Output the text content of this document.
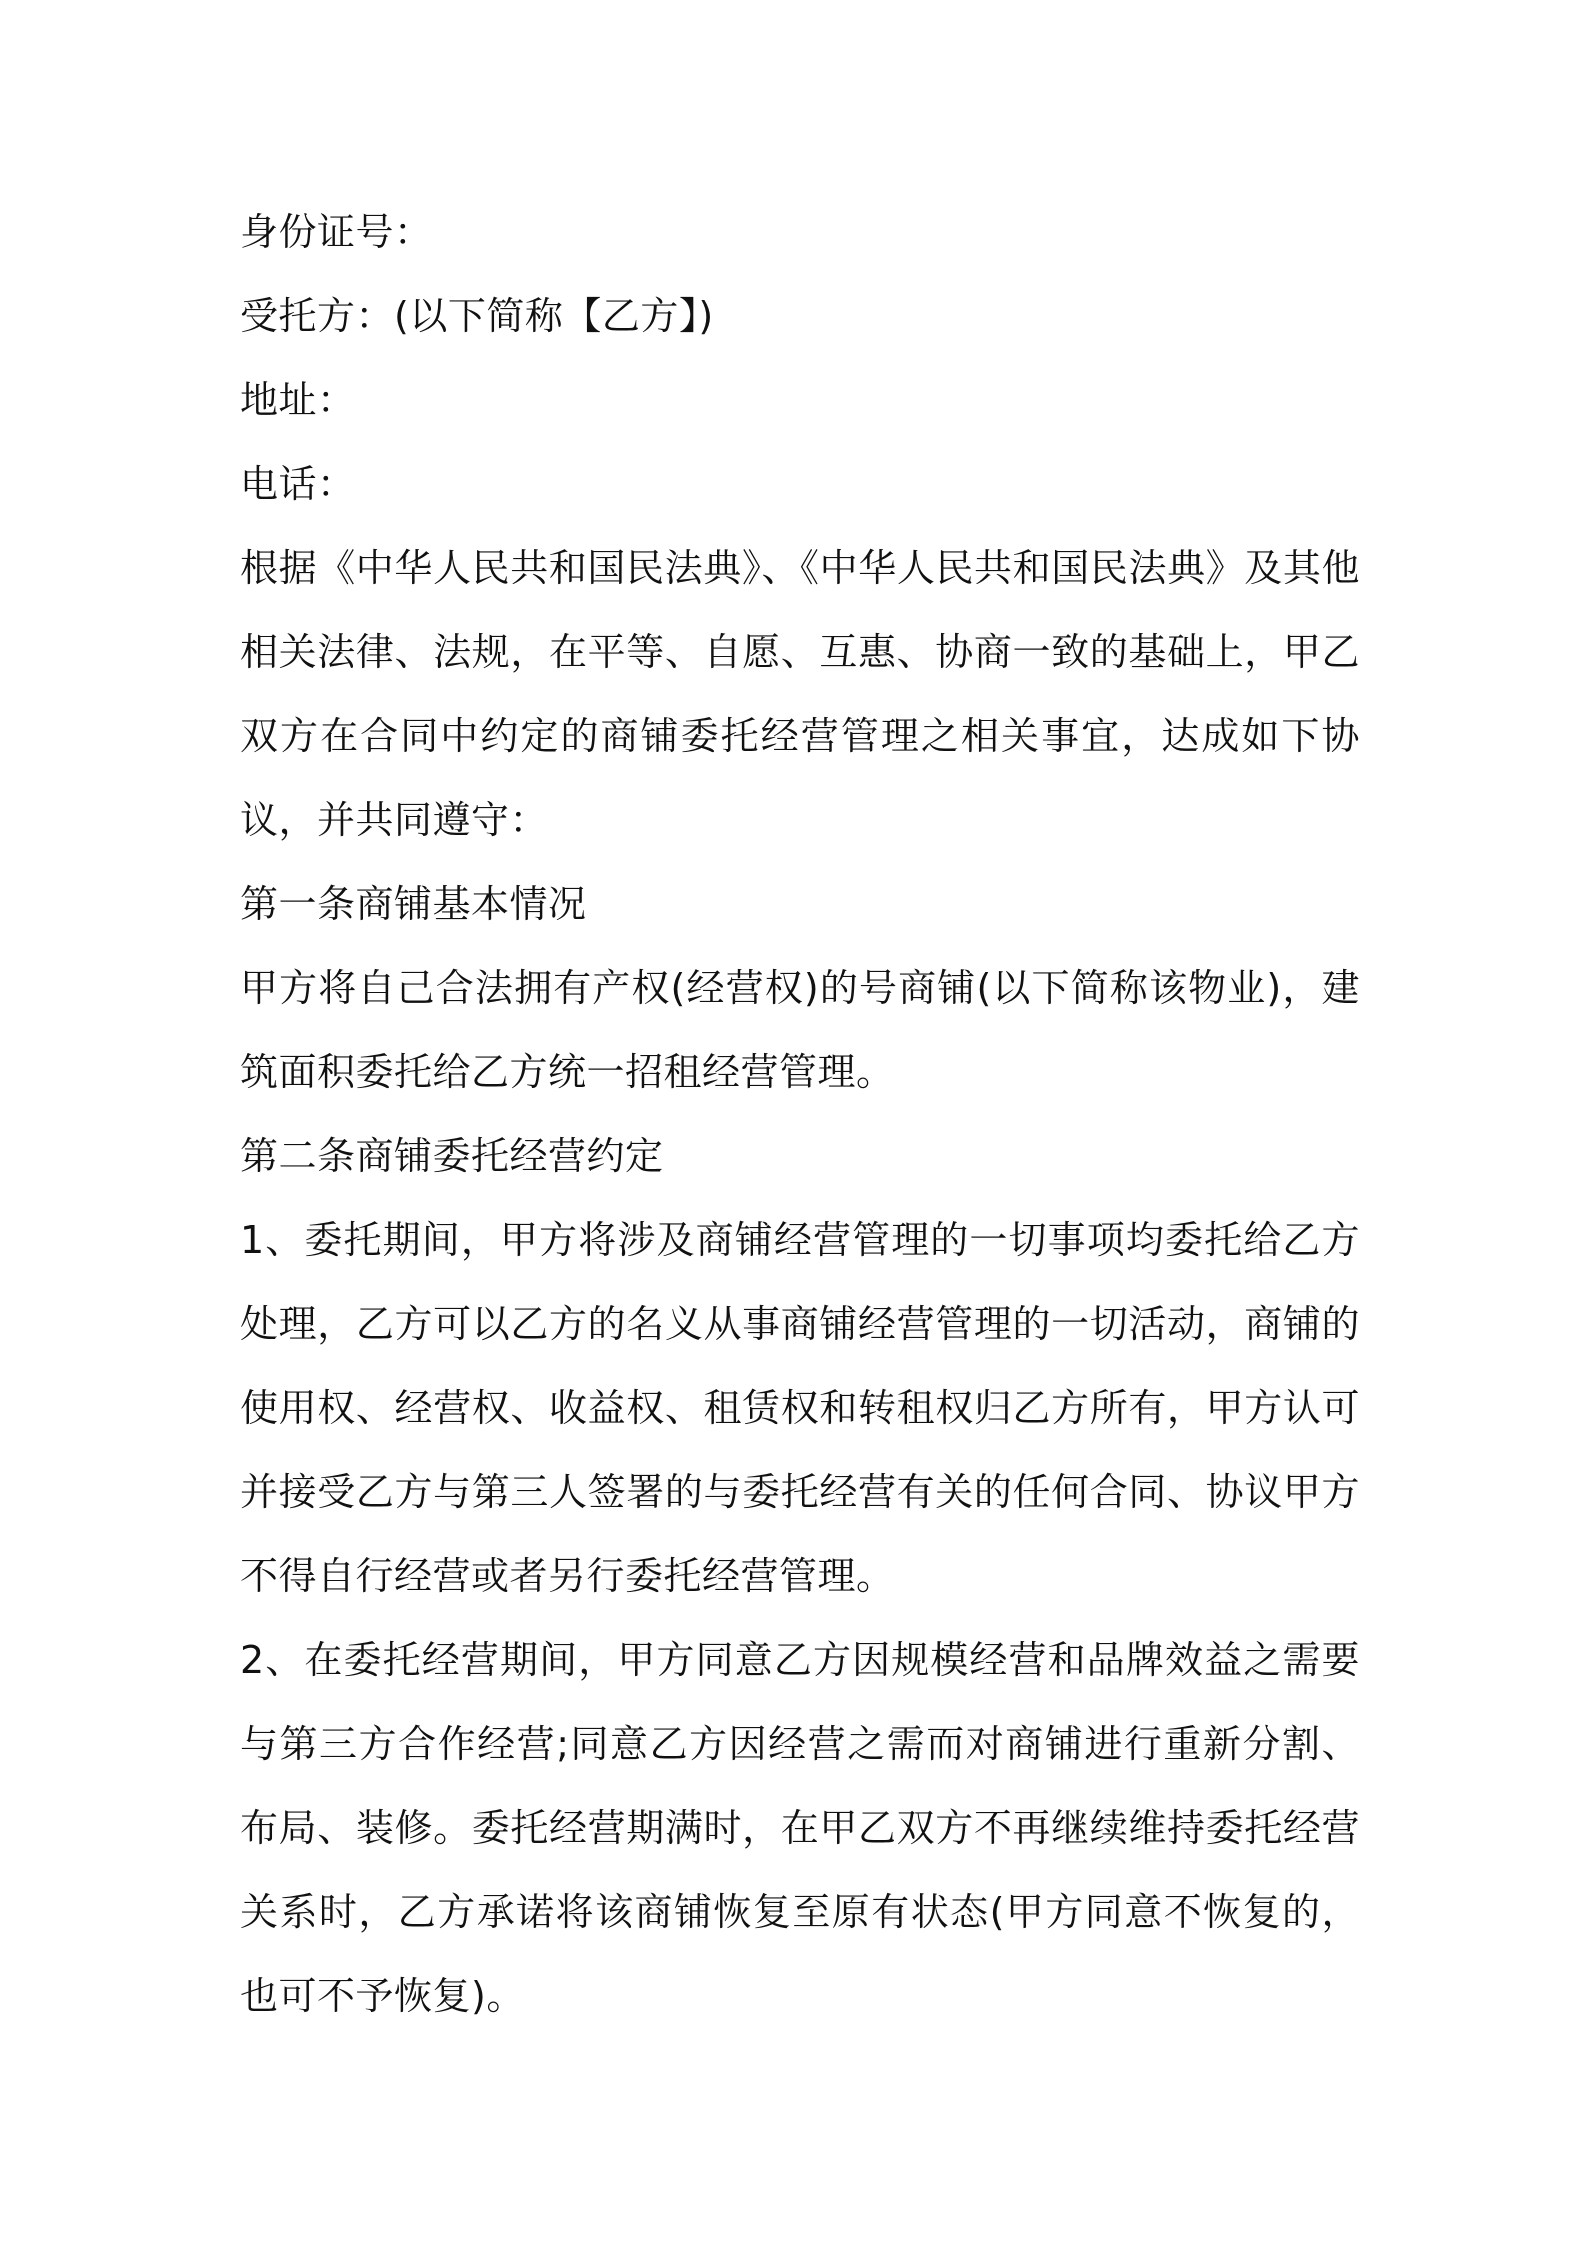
身份证号：

受托方：(以下简称【乙方】)

地址：

电话：

根据《中华人民共和国民法典》、《中华人民共和国民法典》及其他相关法律、法规，在平等、自愿、互惠、协商一致的基础上，甲乙双方在合同中约定的商铺委托经营管理之相关事宜，达成如下协议，并共同遵守：

第一条商铺基本情况

甲方将自己合法拥有产权(经营权)的号商铺(以下简称该物业)，建筑面积委托给乙方统一招租经营管理。

第二条商铺委托经营约定

1、委托期间，甲方将涉及商铺经营管理的一切事项均委托给乙方处理，乙方可以乙方的名义从事商铺经营管理的一切活动，商铺的使用权、经营权、收益权、租赁权和转租权归乙方所有，甲方认可并接受乙方与第三人签署的与委托经营有关的任何合同、协议甲方不得自行经营或者另行委托经营管理。

2、在委托经营期间，甲方同意乙方因规模经营和品牌效益之需要与第三方合作经营;同意乙方因经营之需而对商铺进行重新分割、布局、装修。委托经营期满时，在甲乙双方不再继续维持委托经营关系时，乙方承诺将该商铺恢复至原有状态(甲方同意不恢复的，也可不予恢复)。
